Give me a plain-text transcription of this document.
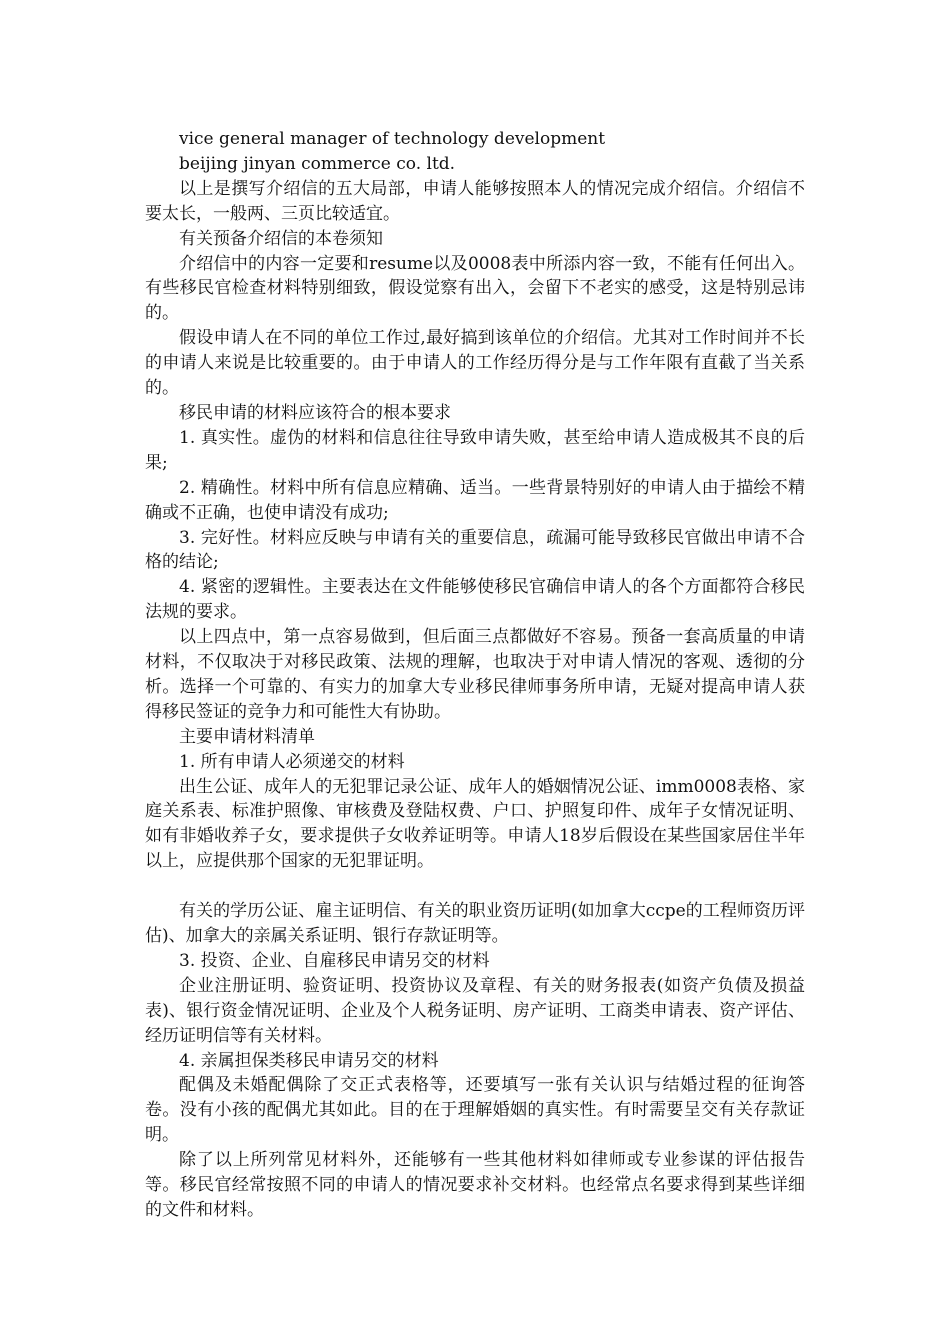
vice general manager of technology development

beijing jinyan commerce co. ltd.

以上是撰写介绍信的五大局部，申请人能够按照本人的情况完成介绍信。介绍信不要太长，一般两、三页比较适宜。

有关预备介绍信的本卷须知

介绍信中的内容一定要和resume以及0008表中所添内容一致，不能有任何出入。有些移民官检查材料特别细致，假设觉察有出入，会留下不老实的感受，这是特别忌讳的。

假设申请人在不同的单位工作过,最好搞到该单位的介绍信。尤其对工作时间并不长的申请人来说是比较重要的。由于申请人的工作经历得分是与工作年限有直截了当关系的。

移民申请的材料应该符合的根本要求

1. 真实性。虚伪的材料和信息往往导致申请失败，甚至给申请人造成极其不良的后果;

2. 精确性。材料中所有信息应精确、适当。一些背景特别好的申请人由于描绘不精确或不正确，也使申请没有成功;

3. 完好性。材料应反映与申请有关的重要信息，疏漏可能导致移民官做出申请不合格的结论;

4. 紧密的逻辑性。主要表达在文件能够使移民官确信申请人的各个方面都符合移民法规的要求。

以上四点中，第一点容易做到，但后面三点都做好不容易。预备一套高质量的申请材料，不仅取决于对移民政策、法规的理解，也取决于对申请人情况的客观、透彻的分析。选择一个可靠的、有实力的加拿大专业移民律师事务所申请，无疑对提高申请人获得移民签证的竞争力和可能性大有协助。

主要申请材料清单

1. 所有申请人必须递交的材料

出生公证、成年人的无犯罪记录公证、成年人的婚姻情况公证、imm0008表格、家庭关系表、标准护照像、审核费及登陆权费、户口、护照复印件、成年子女情况证明、如有非婚收养子女，要求提供子女收养证明等。申请人18岁后假设在某些国家居住半年以上，应提供那个国家的无犯罪证明。

有关的学历公证、雇主证明信、有关的职业资历证明(如加拿大ccpe的工程师资历评估)、加拿大的亲属关系证明、银行存款证明等。

3. 投资、企业、自雇移民申请另交的材料

企业注册证明、验资证明、投资协议及章程、有关的财务报表(如资产负债及损益表)、银行资金情况证明、企业及个人税务证明、房产证明、工商类申请表、资产评估、经历证明信等有关材料。

4. 亲属担保类移民申请另交的材料

配偶及未婚配偶除了交正式表格等，还要填写一张有关认识与结婚过程的征询答卷。没有小孩的配偶尤其如此。目的在于理解婚姻的真实性。有时需要呈交有关存款证明。

除了以上所列常见材料外，还能够有一些其他材料如律师或专业参谋的评估报告等。移民官经常按照不同的申请人的情况要求补交材料。也经常点名要求得到某些详细的文件和材料。
